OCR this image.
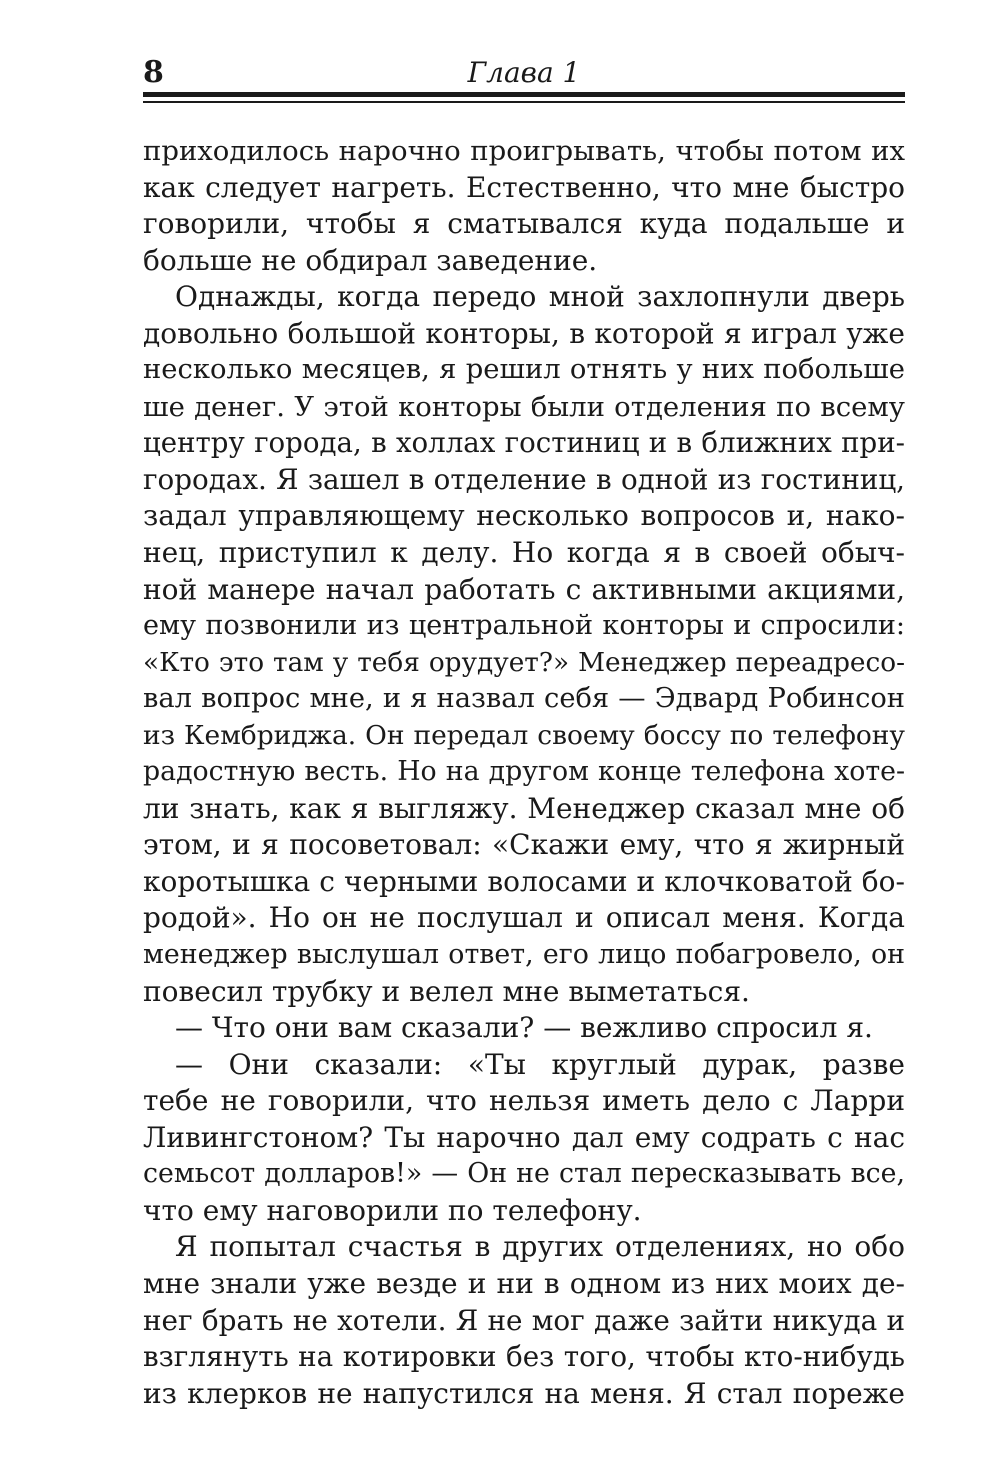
8	Глава 1
приходилось нарочно проигрывать, чтобы потом их
как следует нагреть. Естественно, что мне быстро
говорили, чтобы я сматывался куда подальше и
больше не обдирал заведение.
Однажды, когда передо мной захлопнули дверь
довольно большой конторы, в которой я играл уже
несколько месяцев, я решил отнять у них побольше
ше денег. У этой конторы были отделения по всему
центру города, в холлах гостиниц и в ближних при-
городах. Я зашел в отделение в одной из гостиниц,
задал управляющему несколько вопросов и, нако-
нец, приступил к делу. Но когда я в своей обыч-
ной манере начал работать с активными акциями,
ему позвонили из центральной конторы и спросили:
«Кто это там у тебя орудует?» Менеджер переадресо-
вал вопрос мне, и я назвал себя — Эдвард Робинсон
из Кембриджа. Он передал своему боссу по телефону
радостную весть. Но на другом конце телефона хоте-
ли знать, как я выгляжу. Менеджер сказал мне об
этом, и я посоветовал: «Скажи ему, что я жирный
коротышка с черными волосами и клочковатой бо-
родой». Но он не послушал и описал меня. Когда
менеджер выслушал ответ, его лицо побагровело, он
повесил трубку и велел мне выметаться.
— Что они вам сказали? — вежливо спросил я.
— Они сказали: «Ты круглый дурак, разве
тебе не говорили, что нельзя иметь дело с Ларри
Ливингстоном? Ты нарочно дал ему содрать с нас
семьсот долларов!» — Он не стал пересказывать все,
что ему наговорили по телефону.
Я попытал счастья в других отделениях, но обо
мне знали уже везде и ни в одном из них моих де-
нег брать не хотели. Я не мог даже зайти никуда и
взглянуть на котировки без того, чтобы кто-нибудь
из клерков не напустился на меня. Я стал пореже
